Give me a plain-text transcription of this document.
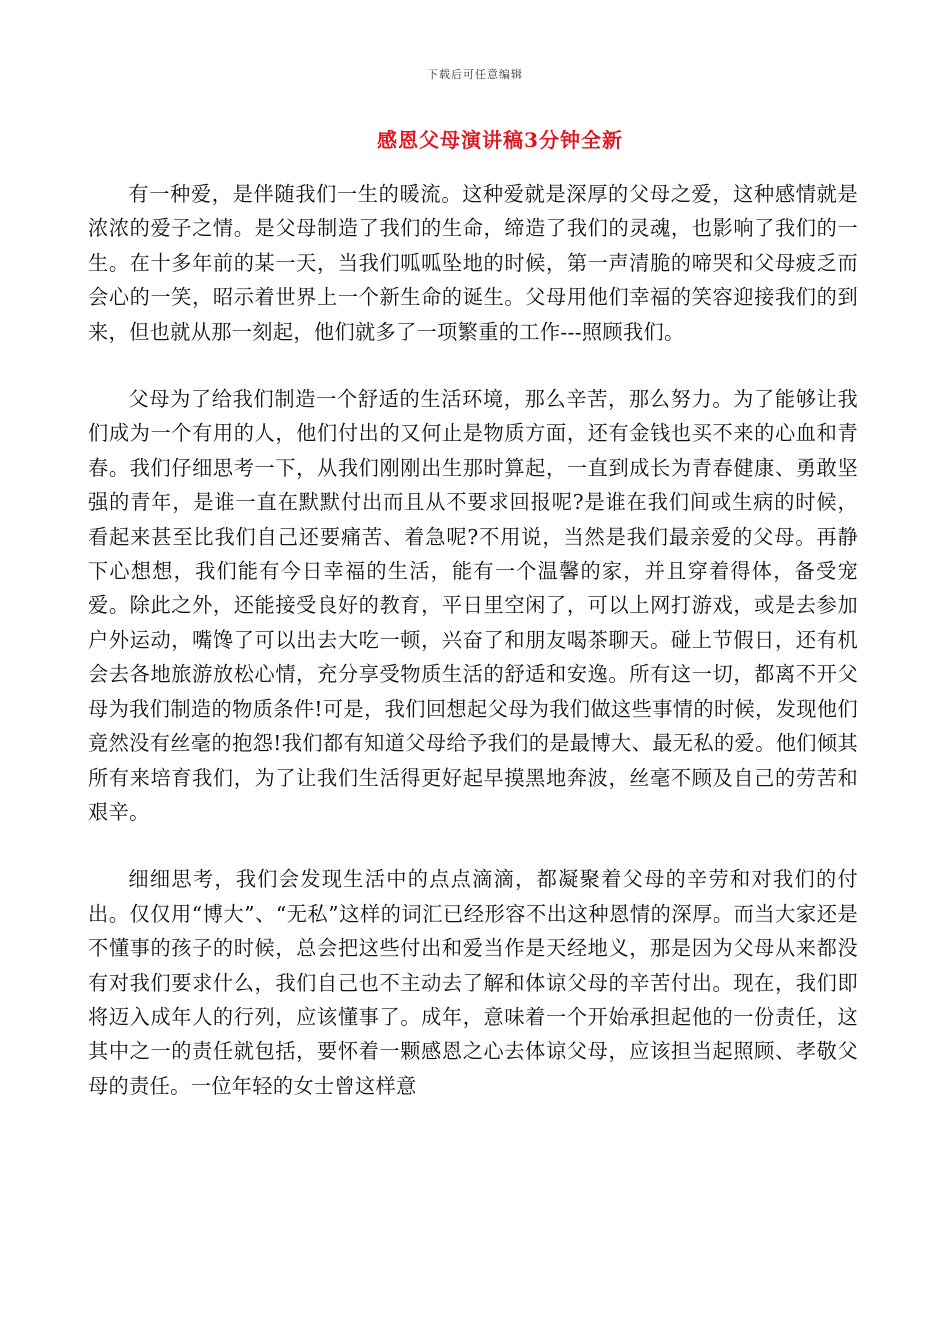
下载后可任意编辑
感恩父母演讲稿3分钟全新

有一种爱，是伴随我们一生的暖流。这种爱就是深厚的父母之爱，这种感情就是浓浓的爱子之情。是父母制造了我们的生命，缔造了我们的灵魂，也影响了我们的一生。在十多年前的某一天，当我们呱呱坠地的时候，第一声清脆的啼哭和父母疲乏而会心的一笑，昭示着世界上一个新生命的诞生。父母用他们幸福的笑容迎接我们的到来，但也就从那一刻起，他们就多了一项繁重的工作---照顾我们。

父母为了给我们制造一个舒适的生活环境，那么辛苦，那么努力。为了能够让我们成为一个有用的人，他们付出的又何止是物质方面，还有金钱也买不来的心血和青春。我们仔细思考一下，从我们刚刚出生那时算起，一直到成长为青春健康、勇敢坚强的青年，是谁一直在默默付出而且从不要求回报呢?是谁在我们间或生病的时候，看起来甚至比我们自己还要痛苦、着急呢?不用说，当然是我们最亲爱的父母。再静下心想想，我们能有今日幸福的生活，能有一个温馨的家，并且穿着得体，备受宠爱。除此之外，还能接受良好的教育，平日里空闲了，可以上网打游戏，或是去参加户外运动，嘴馋了可以出去大吃一顿，兴奋了和朋友喝茶聊天。碰上节假日，还有机会去各地旅游放松心情，充分享受物质生活的舒适和安逸。所有这一切，都离不开父母为我们制造的物质条件!可是，我们回想起父母为我们做这些事情的时候，发现他们竟然没有丝毫的抱怨!我们都有知道父母给予我们的是最博大、最无私的爱。他们倾其所有来培育我们，为了让我们生活得更好起早摸黑地奔波，丝毫不顾及自己的劳苦和艰辛。

细细思考，我们会发现生活中的点点滴滴，都凝聚着父母的辛劳和对我们的付出。仅仅用“博大”、“无私”这样的词汇已经形容不出这种恩情的深厚。而当大家还是不懂事的孩子的时候，总会把这些付出和爱当作是天经地义，那是因为父母从来都没有对我们要求什么，我们自己也不主动去了解和体谅父母的辛苦付出。现在，我们即将迈入成年人的行列，应该懂事了。成年，意味着一个开始承担起他的一份责任，这其中之一的责任就包括，要怀着一颗感恩之心去体谅父母，应该担当起照顾、孝敬父母的责任。一位年轻的女士曾这样意
